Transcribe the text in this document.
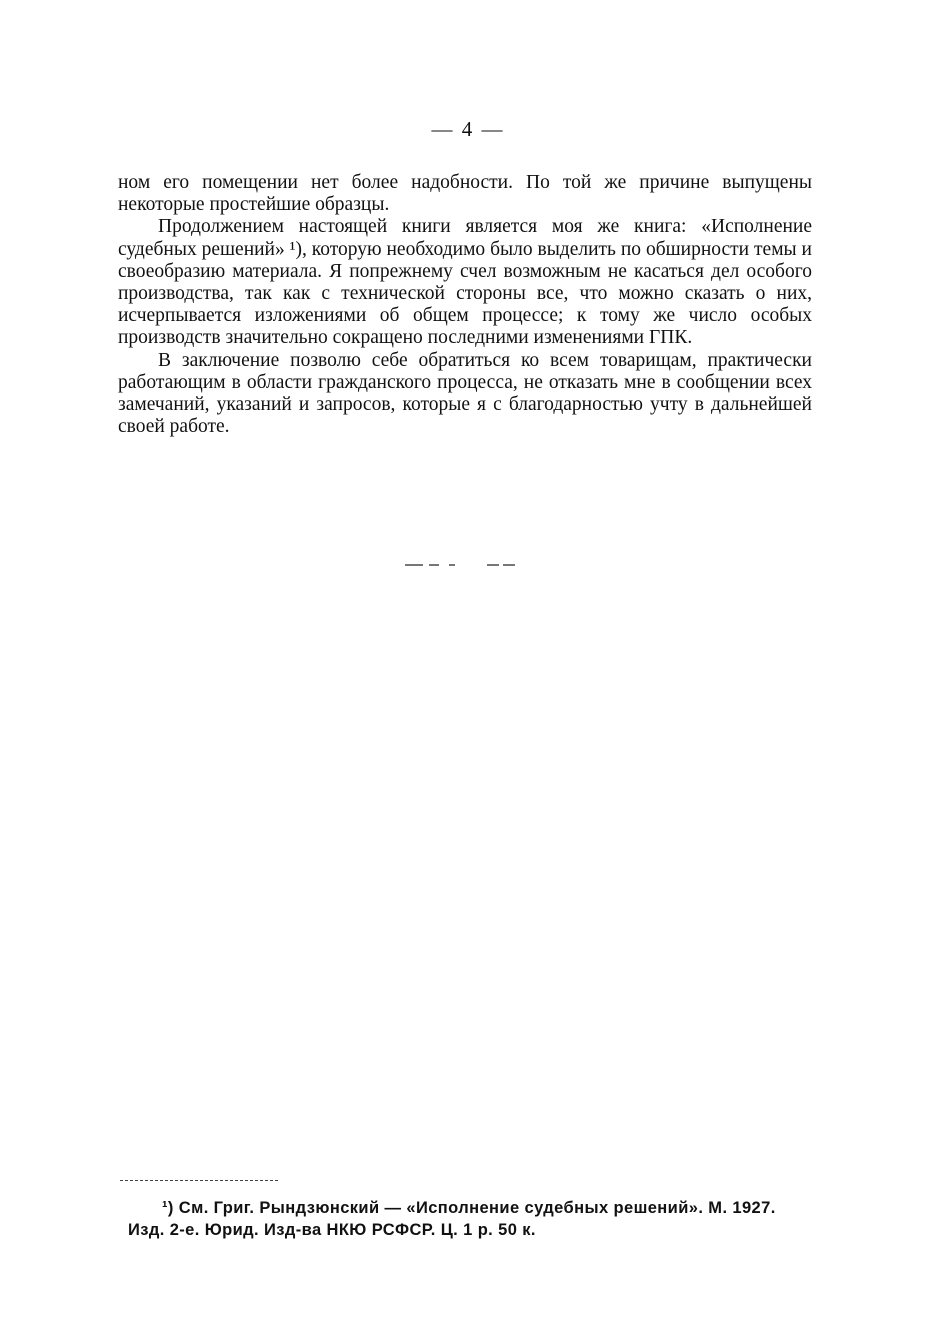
— 4 —

ном его помещении нет более надобности. По той же причине выпущены некоторые простейшие образцы.

Продолжением настоящей книги является моя же книга: «Исполнение судебных решений» ¹), которую необходимо было выделить по обширности темы и своеобразию материала. Я попрежнему счел возможным не касаться дел особого производства, так как с технической стороны все, что можно сказать о них, исчерпывается изложениями об общем процессе; к тому же число особых производств значительно сокращено последними изменениями ГПК.

В заключение позволю себе обратиться ко всем товарищам, практически работающим в области гражданского процесса, не отказать мне в сообщении всех замечаний, указаний и запросов, которые я с благодарностью учту в дальнейшей своей работе.

¹) См. Григ. Рындзюнский — «Исполнение судебных решений». М. 1927.
Изд. 2-е. Юрид. Изд-ва НКЮ РСФСР. Ц. 1 р. 50 к.
